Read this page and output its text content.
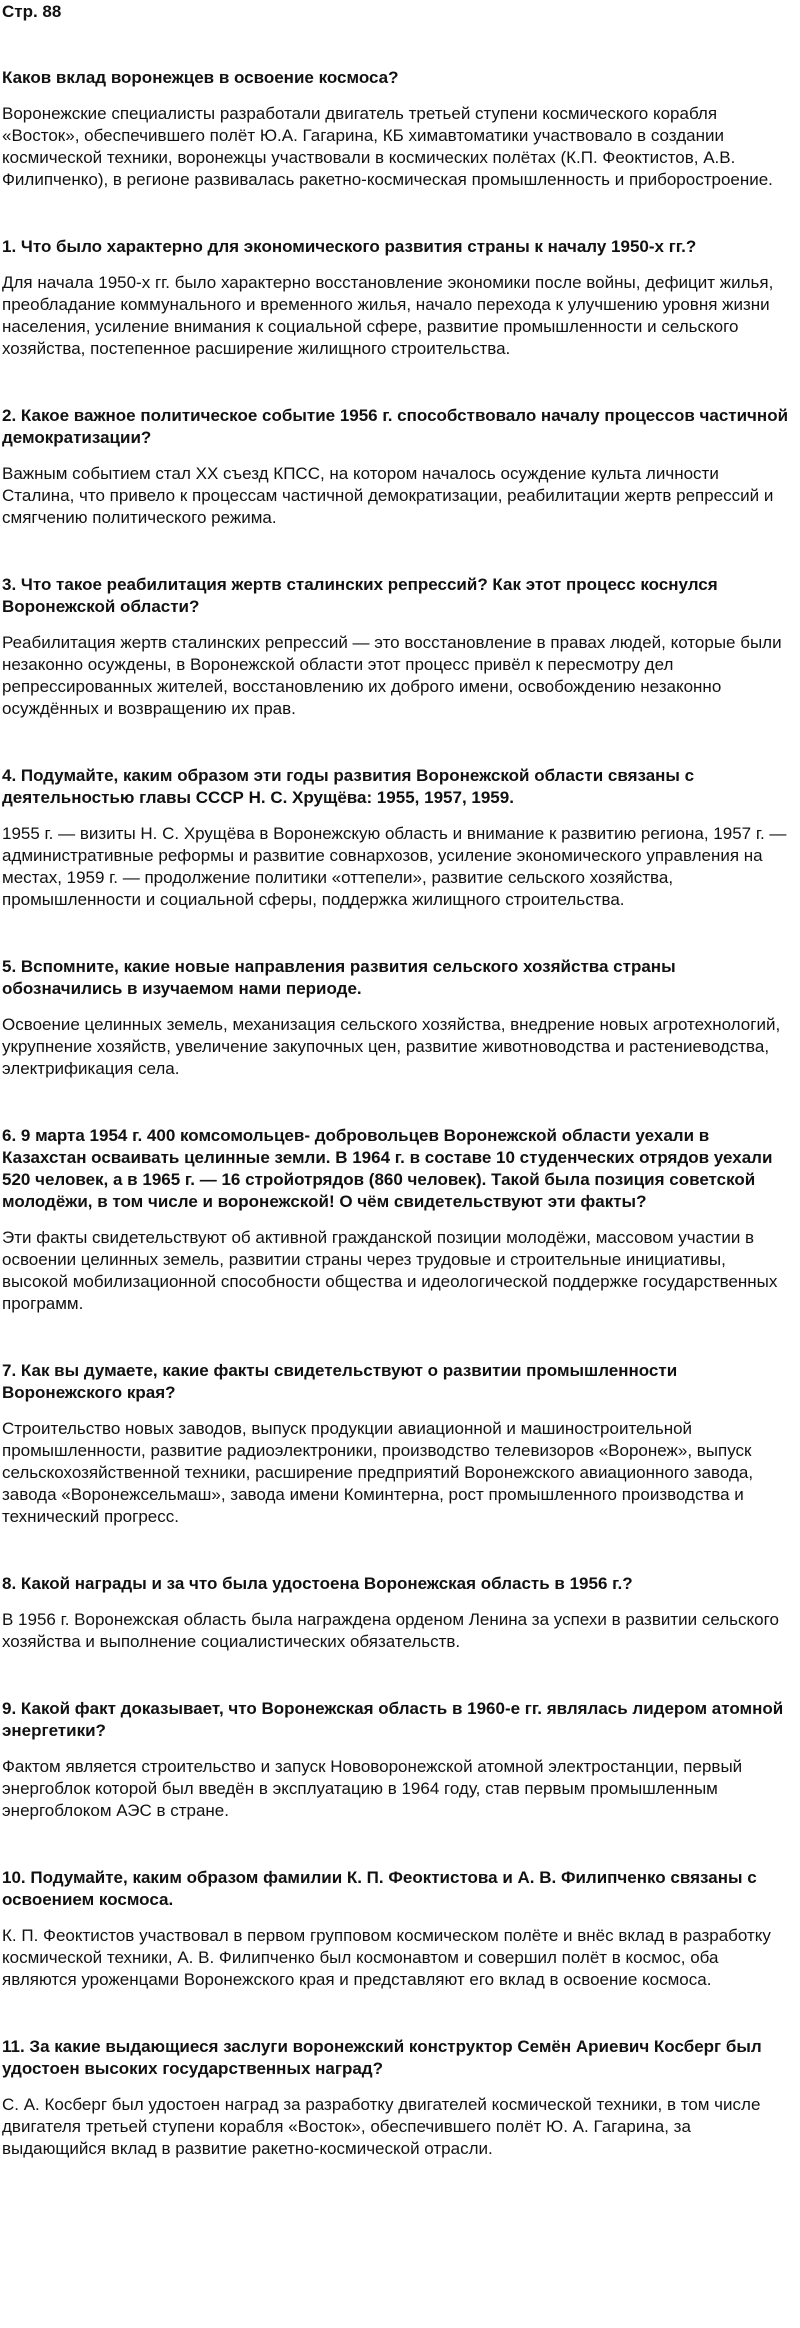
Стр. 88

Каков вклад воронежцев в освоение космоса?

Воронежские специалисты разработали двигатель третьей ступени космического корабля «Восток», обеспечившего полёт Ю.А. Гагарина, КБ химавтоматики участвовало в создании космической техники, воронежцы участвовали в космических полётах (К.П. Феоктистов, А.В. Филипченко), в регионе развивалась ракетно-космическая промышленность и приборостроение.

1. Что было характерно для экономического развития страны к началу 1950-х гг.?

Для начала 1950-х гг. было характерно восстановление экономики после войны, дефицит жилья, преобладание коммунального и временного жилья, начало перехода к улучшению уровня жизни населения, усиление внимания к социальной сфере, развитие промышленности и сельского хозяйства, постепенное расширение жилищного строительства.

2. Какое важное политическое событие 1956 г. способствовало началу процессов частичной демократизации?

Важным событием стал XX съезд КПСС, на котором началось осуждение культа личности Сталина, что привело к процессам частичной демократизации, реабилитации жертв репрессий и смягчению политического режима.

3. Что такое реабилитация жертв сталинских репрессий? Как этот процесс коснулся Воронежской области?

Реабилитация жертв сталинских репрессий — это восстановление в правах людей, которые были незаконно осуждены, в Воронежской области этот процесс привёл к пересмотру дел репрессированных жителей, восстановлению их доброго имени, освобождению незаконно осуждённых и возвращению их прав.

4. Подумайте, каким образом эти годы развития Воронежской области связаны с деятельностью главы СССР Н. С. Хрущёва: 1955, 1957, 1959.

1955 г. — визиты Н. С. Хрущёва в Воронежскую область и внимание к развитию региона, 1957 г. — административные реформы и развитие совнархозов, усиление экономического управления на местах, 1959 г. — продолжение политики «оттепели», развитие сельского хозяйства, промышленности и социальной сферы, поддержка жилищного строительства.

5. Вспомните, какие новые направления развития сельского хозяйства страны обозначились в изучаемом нами периоде.

Освоение целинных земель, механизация сельского хозяйства, внедрение новых агротехнологий, укрупнение хозяйств, увеличение закупочных цен, развитие животноводства и растениеводства, электрификация села.

6. 9 марта 1954 г. 400 комсомольцев- добровольцев Воронежской области уехали в Казахстан осваивать целинные земли. В 1964 г. в составе 10 студенческих отрядов уехали 520 человек, а в 1965 г. — 16 стройотрядов (860 человек). Такой была позиция советской молодёжи, в том числе и воронежской! О чём свидетельствуют эти факты?

Эти факты свидетельствуют об активной гражданской позиции молодёжи, массовом участии в освоении целинных земель, развитии страны через трудовые и строительные инициативы, высокой мобилизационной способности общества и идеологической поддержке государственных программ.

7. Как вы думаете, какие факты свидетельствуют о развитии промышленности Воронежского края?

Строительство новых заводов, выпуск продукции авиационной и машиностроительной промышленности, развитие радиоэлектроники, производство телевизоров «Воронеж», выпуск сельскохозяйственной техники, расширение предприятий Воронежского авиационного завода, завода «Воронежсельмаш», завода имени Коминтерна, рост промышленного производства и технический прогресс.

8. Какой награды и за что была удостоена Воронежская область в 1956 г.?

В 1956 г. Воронежская область была награждена орденом Ленина за успехи в развитии сельского хозяйства и выполнение социалистических обязательств.

9. Какой факт доказывает, что Воронежская область в 1960-е гг. являлась лидером атомной энергетики?

Фактом является строительство и запуск Нововоронежской атомной электростанции, первый энергоблок которой был введён в эксплуатацию в 1964 году, став первым промышленным энергоблоком АЭС в стране.

10. Подумайте, каким образом фамилии К. П. Феоктистова и А. В. Филипченко связаны с освоением космоса.

К. П. Феоктистов участвовал в первом групповом космическом полёте и внёс вклад в разработку космической техники, А. В. Филипченко был космонавтом и совершил полёт в космос, оба являются уроженцами Воронежского края и представляют его вклад в освоение космоса.

11. За какие выдающиеся заслуги воронежский конструктор Семён Ариевич Косберг был удостоен высоких государственных наград?

С. А. Косберг был удостоен наград за разработку двигателей космической техники, в том числе двигателя третьей ступени корабля «Восток», обеспечившего полёт Ю. А. Гагарина, за выдающийся вклад в развитие ракетно-космической отрасли.
